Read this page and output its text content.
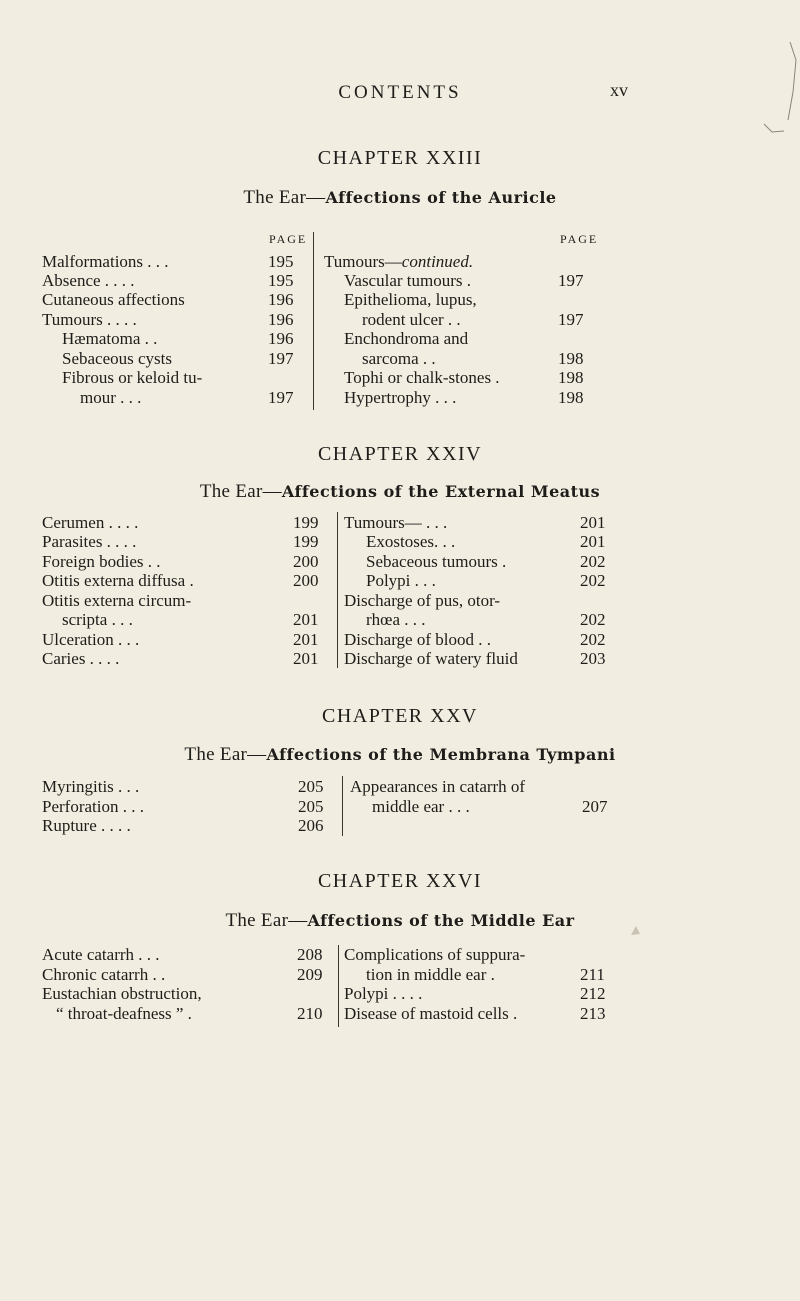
CONTENTS	xv
CHAPTER XXIII
The Ear—Affections of the Auricle
PAGE	PAGE
Malformations . . .	195
Absence . . . .	195
Cutaneous affections	196
Tumours . . . .	196
Hæmatoma . .	196
Sebaceous cysts	197
Fibrous or keloid tu-
mour . . .	197
Tumours—continued.
Vascular tumours .	197
Epithelioma, lupus,
rodent ulcer . .	197
Enchondroma and
sarcoma . .	198
Tophi or chalk-stones .	198
Hypertrophy . . .	198
CHAPTER XXIV
The Ear—Affections of the External Meatus
Cerumen . . . .	199
Parasites . . . .	199
Foreign bodies . .	200
Otitis externa diffusa .	200
Otitis externa circum-
scripta . . .	201
Ulceration . . .	201
Caries . . . .	201
Tumours— . . .	201
Exostoses. . .	201
Sebaceous tumours .	202
Polypi . . .	202
Discharge of pus, otor-
rhœa . . .	202
Discharge of blood . .	202
Discharge of watery fluid	203
CHAPTER XXV
The Ear—Affections of the Membrana Tympani
Myringitis . . .	205
Perforation . . .	205
Rupture . . . .	206
Appearances in catarrh of
middle ear . . .	207
CHAPTER XXVI
The Ear—Affections of the Middle Ear
Acute catarrh . . .	208
Chronic catarrh . .	209
Eustachian obstruction,
“ throat-deafness ” .	210
Complications of suppura-
tion in middle ear .	211
Polypi . . . .	212
Disease of mastoid cells .	213
